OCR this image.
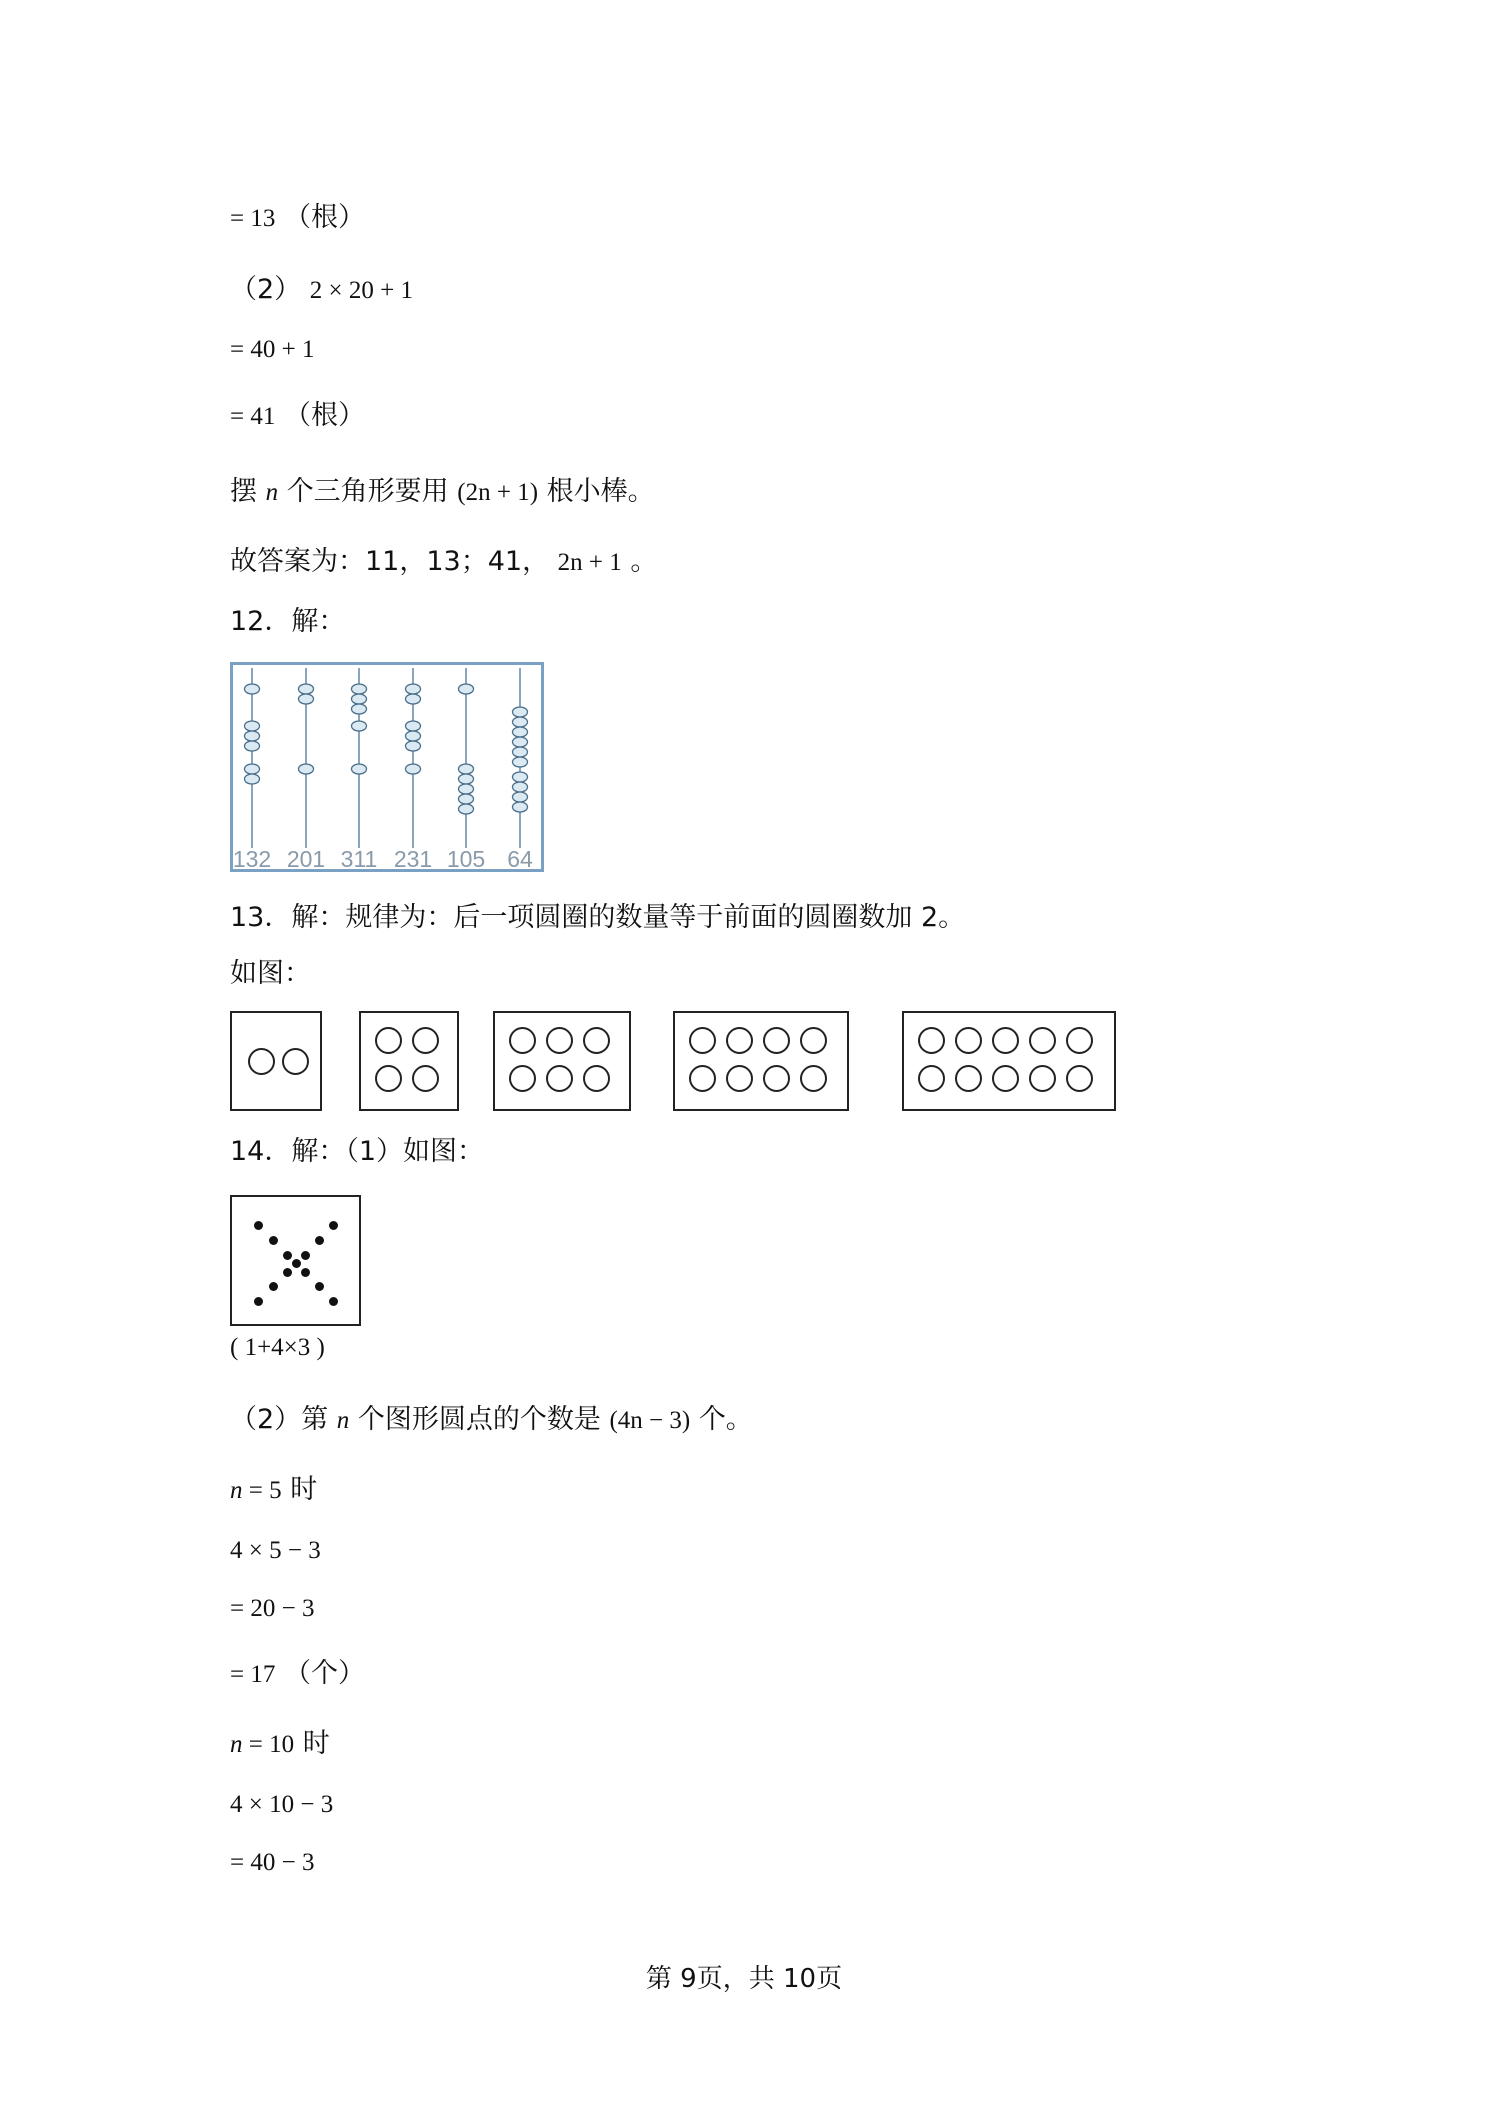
= 13 （根）
（2） 2 × 20 + 1
= 40 + 1
= 41 （根）
摆 n 个三角形要用 (2n + 1) 根小棒。
故答案为：11，13；41， 2n + 1 。
12．解：
132 201 311 231 105 64
13．解：规律为：后一项圆圈的数量等于前面的圆圈数加 2。
如图：
14．解：（1）如图：
( 1+4×3 )
（2）第 n 个图形圆点的个数是 (4n − 3) 个。
n = 5 时
4 × 5 − 3
= 20 − 3
= 17 （个）
n = 10 时
4 × 10 − 3
= 40 − 3
第 9页，共 10页
